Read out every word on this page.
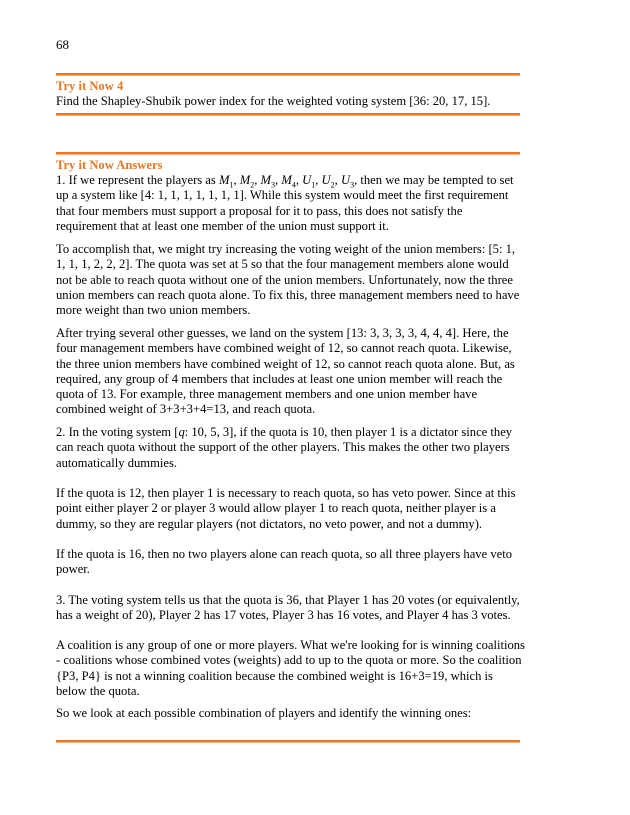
68
Try it Now 4

Find the Shapley-Shubik power index for the weighted voting system [36: 20, 17, 15].

Try it Now Answers

1. If we represent the players as $M_1$, $M_2$, $M_3$, $M_4$, $U_1$, $U_2$, $U_3$, then we may be tempted to set up a system like [4: 1, 1, 1, 1, 1, 1, 1]. While this system would meet the first requirement that four members must support a proposal for it to pass, this does not satisfy the requirement that at least one member of the union must support it.

To accomplish that, we might try increasing the voting weight of the union members: [5: 1, 1, 1, 1, 2, 2, 2]. The quota was set at 5 so that the four management members alone would not be able to reach quota without one of the union members. Unfortunately, now the three union members can reach quota alone. To fix this, three management members need to have more weight than two union members.

After trying several other guesses, we land on the system [13: 3, 3, 3, 3, 4, 4, 4]. Here, the four management members have combined weight of 12, so cannot reach quota. Likewise, the three union members have combined weight of 12, so cannot reach quota alone. But, as required, any group of 4 members that includes at least one union member will reach the quota of 13. For example, three management members and one union member have combined weight of 3+3+3+4=13, and reach quota.

2. In the voting system [q: 10, 5, 3], if the quota is 10, then player 1 is a dictator since they can reach quota without the support of the other players. This makes the other two players automatically dummies.

If the quota is 12, then player 1 is necessary to reach quota, so has veto power. Since at this point either player 2 or player 3 would allow player 1 to reach quota, neither player is a dummy, so they are regular players (not dictators, no veto power, and not a dummy).

If the quota is 16, then no two players alone can reach quota, so all three players have veto power.

3. The voting system tells us that the quota is 36, that Player 1 has 20 votes (or equivalently, has a weight of 20), Player 2 has 17 votes, Player 3 has 16 votes, and Player 4 has 3 votes.

A coalition is any group of one or more players. What we're looking for is winning coalitions - coalitions whose combined votes (weights) add to up to the quota or more. So the coalition {P3, P4} is not a winning coalition because the combined weight is 16+3=19, which is below the quota.

So we look at each possible combination of players and identify the winning ones:
